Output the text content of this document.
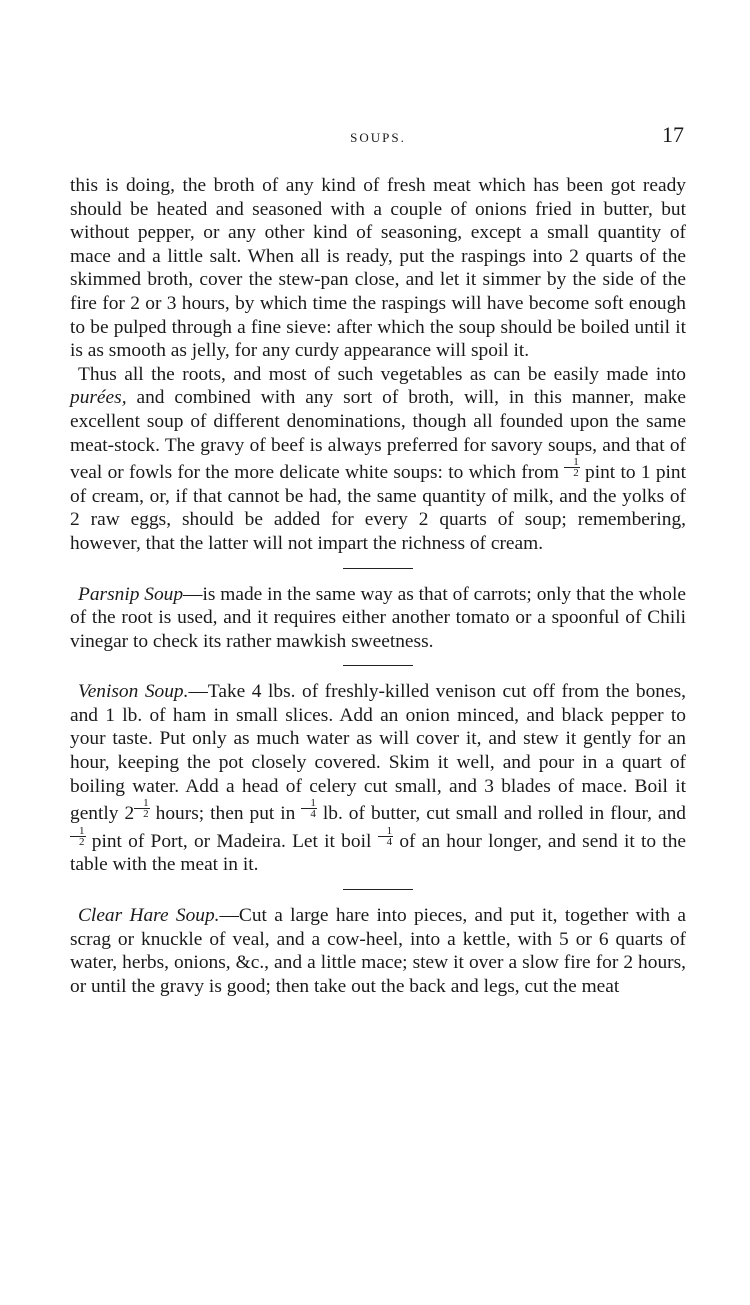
SOUPS.	17

this is doing, the broth of any kind of fresh meat which has been got ready should be heated and seasoned with a couple of onions fried in butter, but without pepper, or any other kind of seasoning, except a small quantity of mace and a little salt. When all is ready, put the raspings into 2 quarts of the skimmed broth, cover the stew-pan close, and let it simmer by the side of the fire for 2 or 3 hours, by which time the raspings will have become soft enough to be pulped through a fine sieve: after which the soup should be boiled until it is as smooth as jelly, for any curdy appearance will spoil it.

Thus all the roots, and most of such vegetables as can be easily made into purées, and combined with any sort of broth, will, in this manner, make excellent soup of different denominations, though all founded upon the same meat-stock. The gravy of beef is always preferred for savory soups, and that of veal or fowls for the more delicate white soups: to which from $\frac{1}{2}$ pint to 1 pint of cream, or, if that cannot be had, the same quantity of milk, and the yolks of 2 raw eggs, should be added for every 2 quarts of soup; remembering, however, that the latter will not impart the richness of cream.

Parsnip Soup—is made in the same way as that of carrots; only that the whole of the root is used, and it requires either another tomato or a spoonful of Chili vinegar to check its rather mawkish sweetness.

Venison Soup.—Take 4 lbs. of freshly-killed venison cut off from the bones, and 1 lb. of ham in small slices. Add an onion minced, and black pepper to your taste. Put only as much water as will cover it, and stew it gently for an hour, keeping the pot closely covered. Skim it well, and pour in a quart of boiling water. Add a head of celery cut small, and 3 blades of mace. Boil it gently $2 \frac{1}{2}$ hours; then put in $\frac{1}{4}$ lb. of butter, cut small and rolled in flour, and
$\frac{1}{2}$ pint of Port, or Madeira. Let it boil $\frac{1}{4}$ of an hour longer, and send it to the table with the meat in it.

Clear Hare Soup.—Cut a large hare into pieces, and put it, together with a scrag or knuckle of veal, and a cow-heel, into a kettle, with 5 or 6 quarts of water, herbs, onions, &c., and a little mace; stew it over a slow fire for 2 hours, or until the gravy is good; then take out the back and legs, cut the meat
